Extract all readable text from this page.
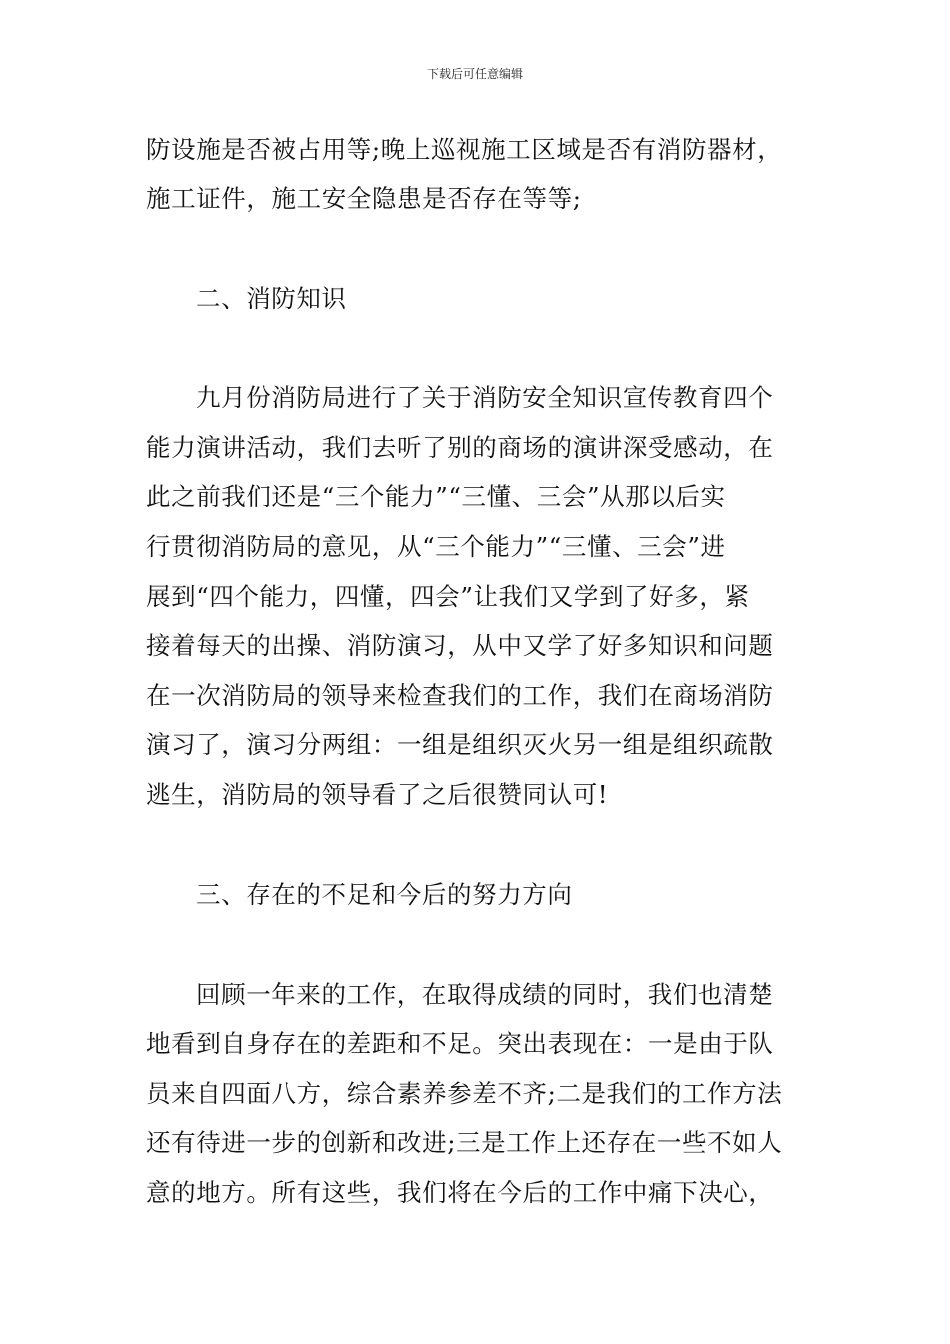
下载后可任意编辑
防设施是否被占用等;晚上巡视施工区域是否有消防器材，
施工证件，施工安全隐患是否存在等等;
二、消防知识
九月份消防局进行了关于消防安全知识宣传教育四个
能力演讲活动，我们去听了别的商场的演讲深受感动，在
此之前我们还是“三个能力”“三懂、三会”从那以后实
行贯彻消防局的意见，从“三个能力”“三懂、三会”进
展到“四个能力，四懂，四会”让我们又学到了好多，紧
接着每天的出操、消防演习，从中又学了好多知识和问题
在一次消防局的领导来检查我们的工作，我们在商场消防
演习了，演习分两组：一组是组织灭火另一组是组织疏散
逃生，消防局的领导看了之后很赞同认可!
三、存在的不足和今后的努力方向
回顾一年来的工作，在取得成绩的同时，我们也清楚
地看到自身存在的差距和不足。突出表现在：一是由于队
员来自四面八方，综合素养参差不齐;二是我们的工作方法
还有待进一步的创新和改进;三是工作上还存在一些不如人
意的地方。所有这些，我们将在今后的工作中痛下决心，
